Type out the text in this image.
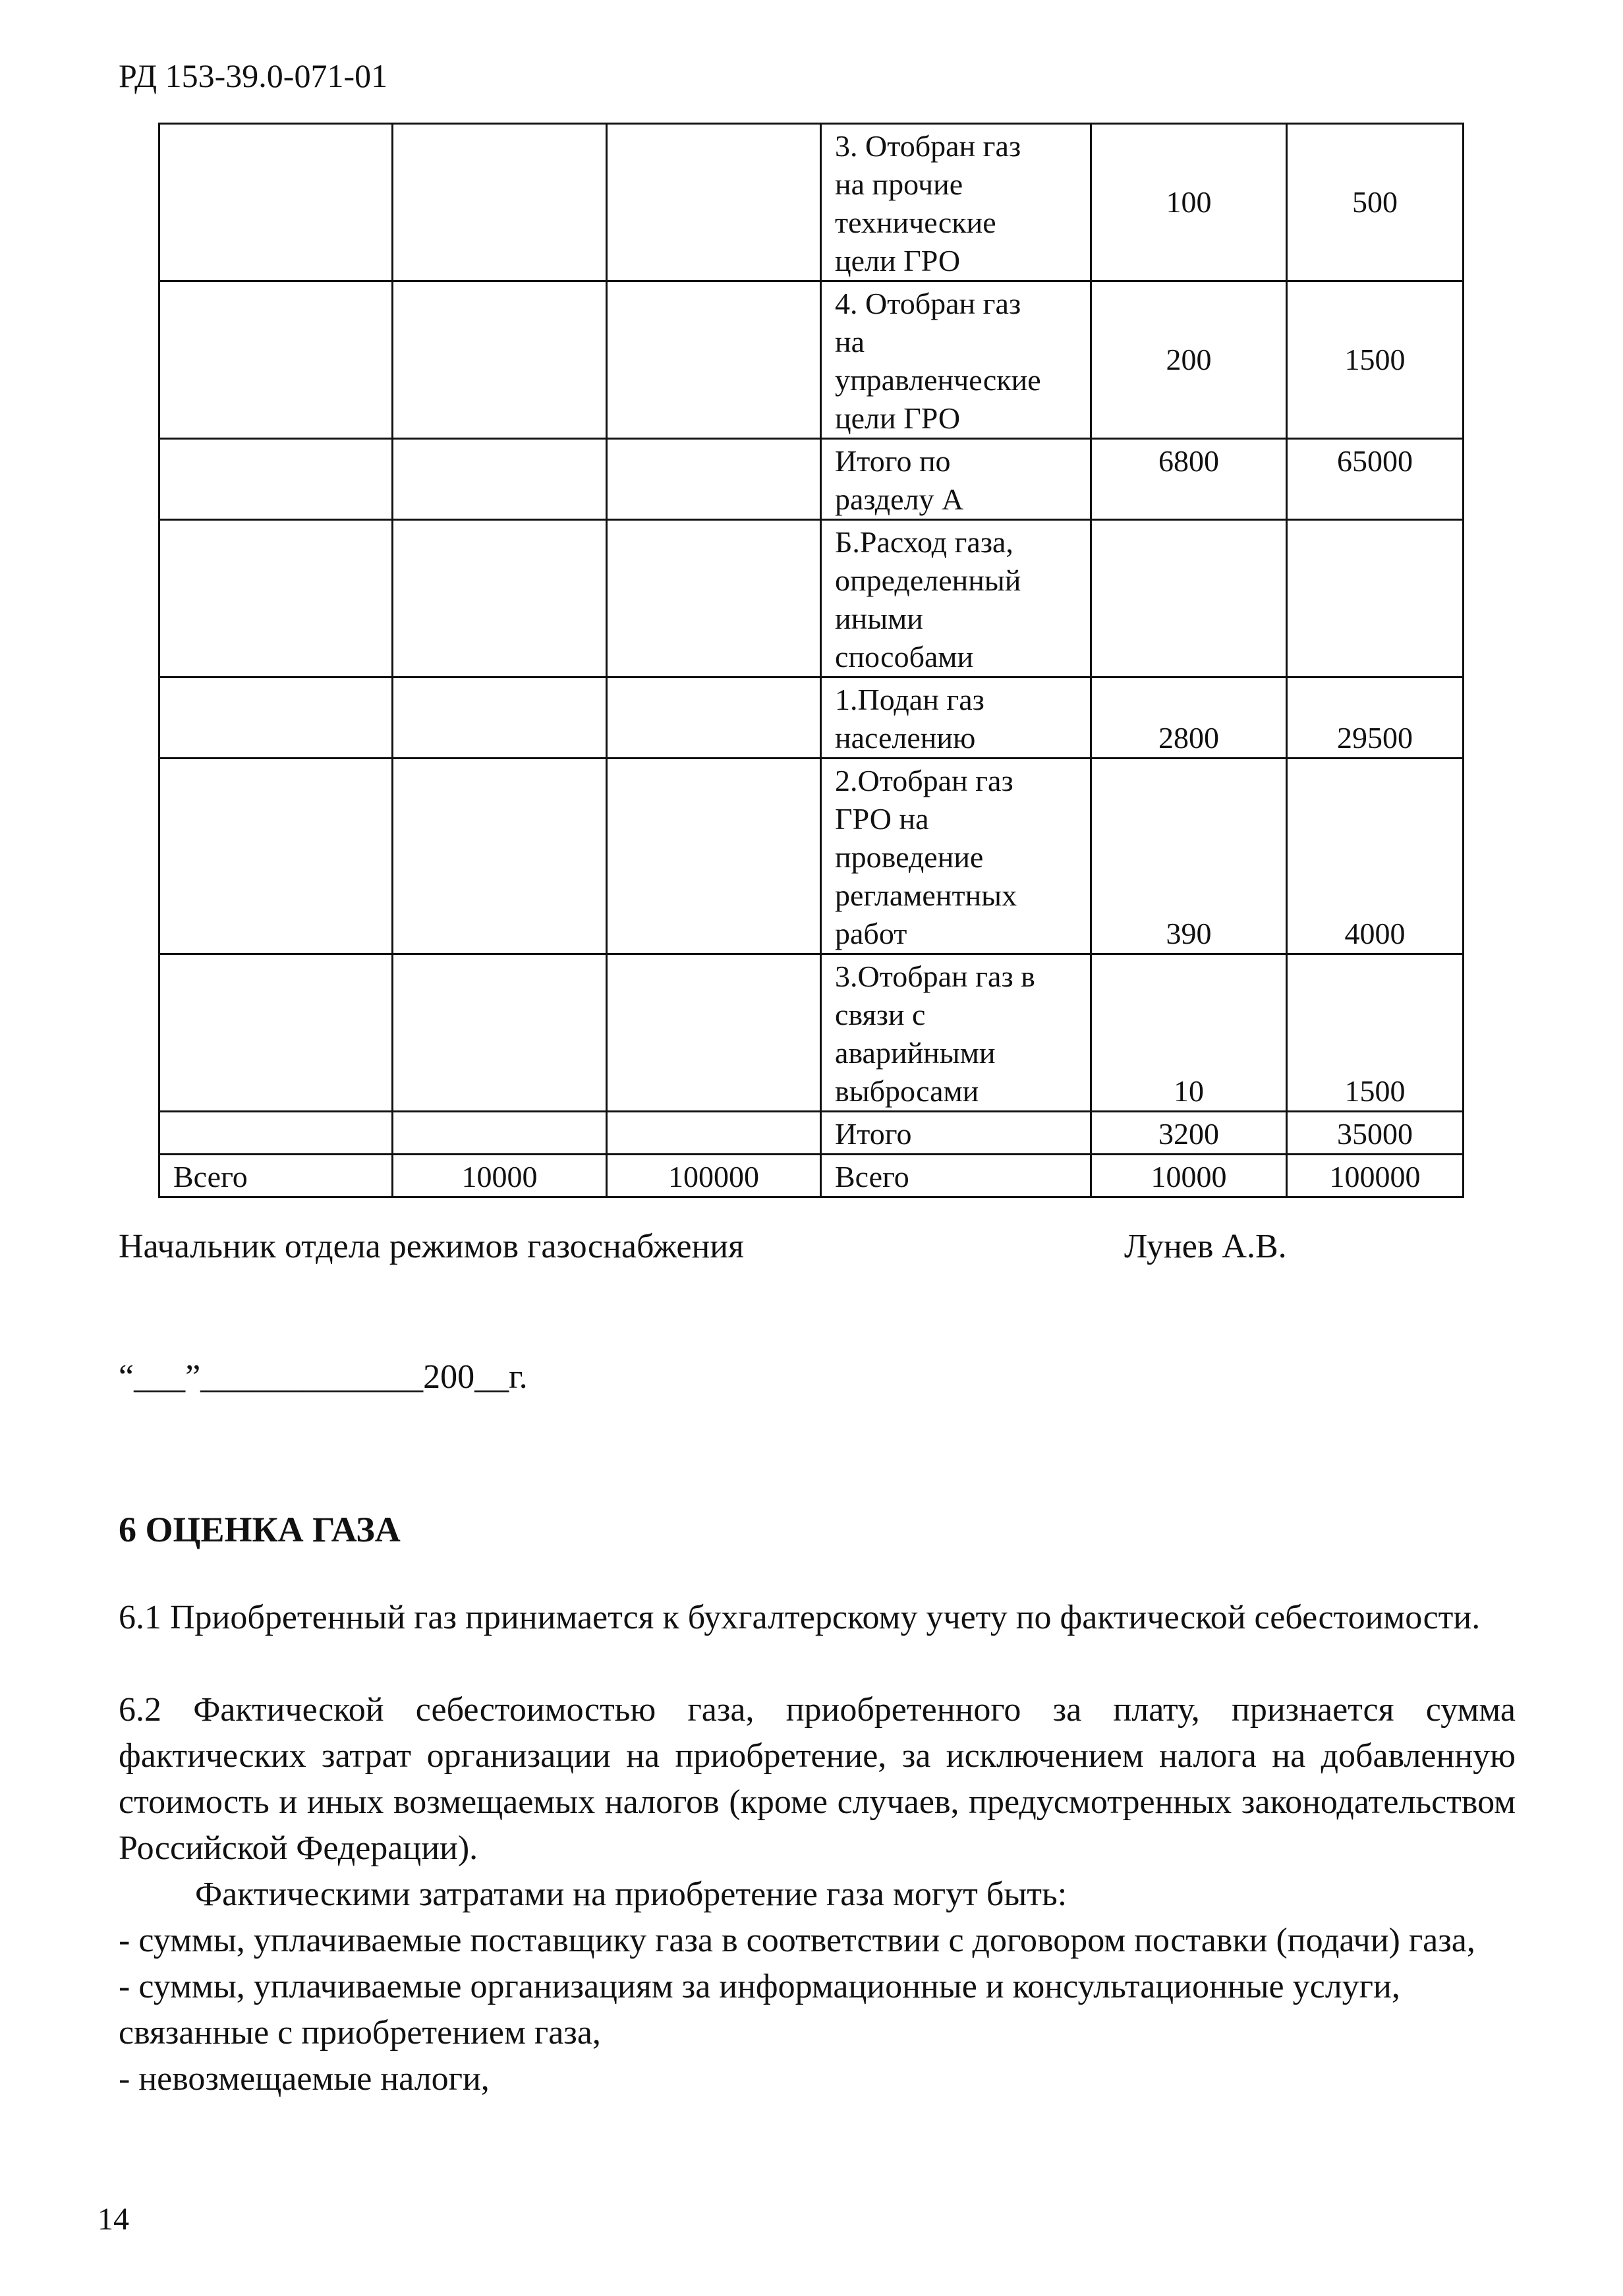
РД 153-39.0-071-01
			3. Отобран газ
на прочие
технические
цели ГРО	100	500
			4. Отобран газ
на
управленческие
цели ГРО	200	1500
			Итого по
разделу А	6800	65000
			Б.Расход газа,
определенный
иными
способами		
			1.Подан газ
населению	2800	29500
			2.Отобран газ
ГРО на
проведение
регламентных
работ	390	4000
			3.Отобран газ в
связи с
аварийными
выбросами	10	1500
			Итого	3200	35000
Всего	10000	100000	Всего	10000	100000
Начальник отдела режимов газоснабжения	Лунев А.В.
“___”_____________200__г.
6 ОЦЕНКА ГАЗА

6.1 Приобретенный газ принимается к бухгалтерскому учету по фактической себестоимости.

6.2 Фактической себестоимостью газа, приобретенного за плату, признается сумма фактических затрат организации на приобретение, за исключением налога на добавленную стоимость и иных возмещаемых налогов (кроме случаев, предусмотренных законодательством Российской Федерации).

Фактическими затратами на приобретение газа могут быть:

- суммы, уплачиваемые поставщику газа в соответствии с договором поставки (подачи) газа,

- суммы, уплачиваемые организациям за информационные и консультационные услуги, связанные с приобретением газа,

- невозмещаемые налоги,

14
